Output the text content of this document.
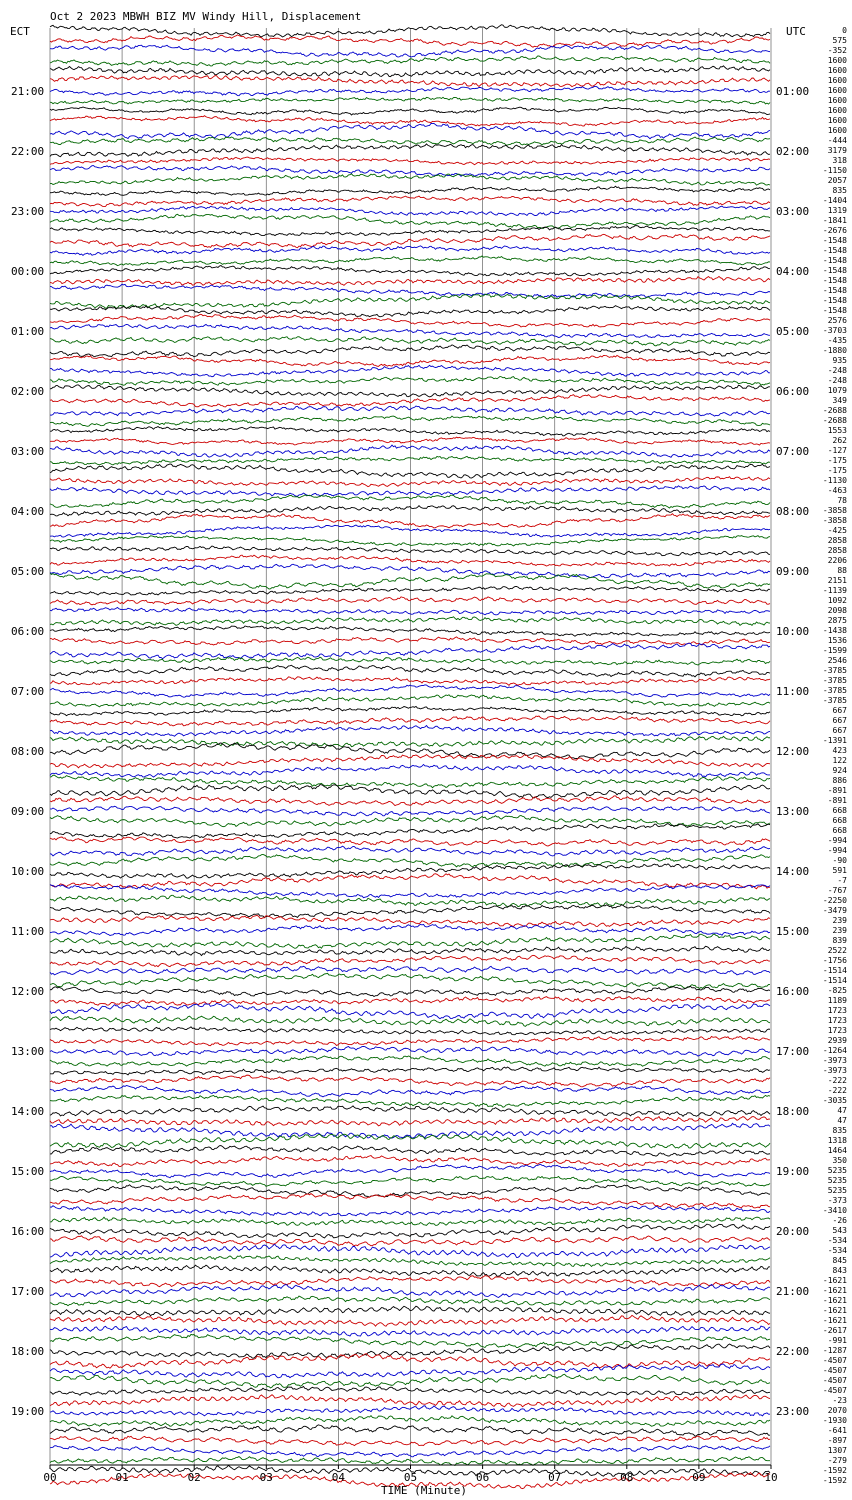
Oct 2 2023 MBWH BIZ MV Windy Hill, Displacement
ECT	UTC
21:00
22:00
23:00
00:00
01:00
02:00
03:00
04:00
05:00
06:00
07:00
08:00
09:00
10:00
11:00
12:00
13:00
14:00
15:00
16:00
17:00
18:00
19:00
01:00
02:00
03:00
04:00
05:00
06:00
07:00
08:00
09:00
10:00
11:00
12:00
13:00
14:00
15:00
16:00
17:00
18:00
19:00
20:00
21:00
22:00
23:00
0
575
-352
1600
1600
1600
1600
1600
1600
1600
1600
-444
3179
318
-1150
2057
835
-1404
1319
-1841
-2676
-1548
-1548
-1548
-1548
-1548
-1548
-1548
-1548
2576
-3703
-435
-1880
935
-248
-248
1079
349
-2688
-2688
1553
262
-127
-175
-175
-1130
-463
78
-3858
-3858
-425
2858
2858
2206
88
2151
-1139
1092
2098
2875
-1438
1536
-1599
2546
-3785
-3785
-3785
-3785
667
667
667
-1391
423
122
924
886
-891
-891
668
668
668
-994
-994
-90
591
-7
-767
-2250
-3479
239
239
839
2522
-1756
-1514
-1514
-825
1189
1723
1723
1723
2939
-1264
-3973
-3973
-222
-222
-3035
47
47
835
1318
1464
350
5235
5235
5235
-373
-3410
-26
543
-534
-534
845
843
-1621
-1621
-1621
-1621
-1621
-2617
-991
-1287
-4507
-4507
-4507
-4507
-23
2070
-1930
-641
-897
1307
-279
-1592
-1592
00	01	02	03	04	05	06	07	08	09	10
TIME (Minute)
